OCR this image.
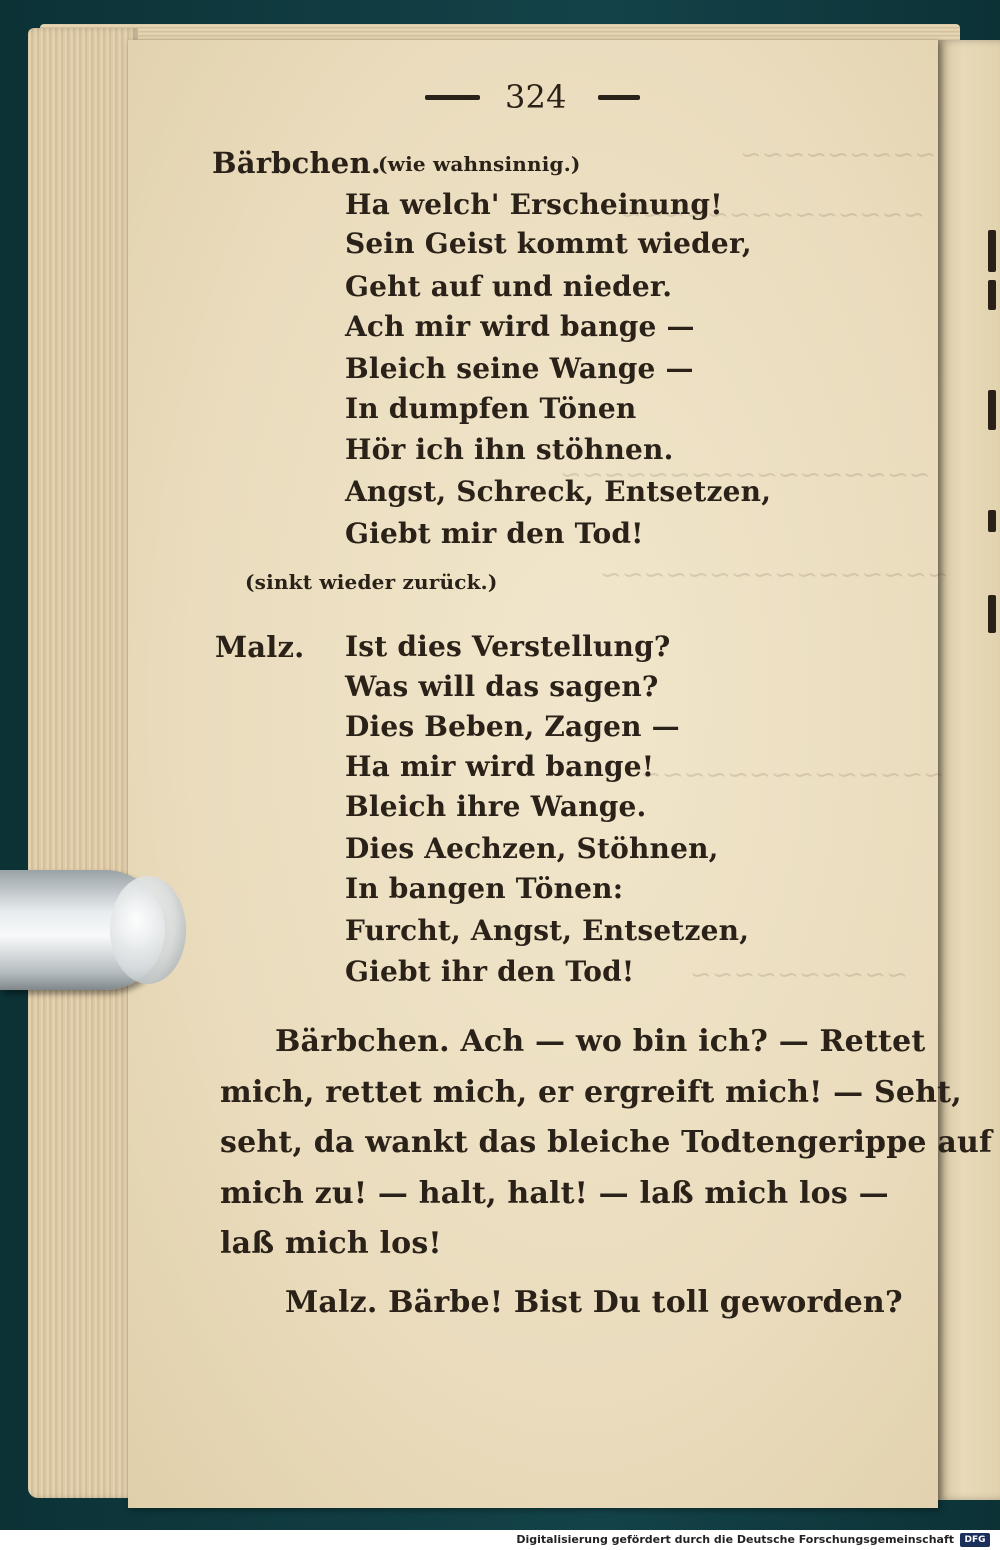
~~~~~~~~~
~~~~~~~~~~~~~~
~~~~~~~~~~~~~~~~~
~~~~~~~~~~~~~~~~
~~~~~~~~~~~~~~
~~~~~~~~~~
324
Bärbchen.
(wie wahnsinnig.)
Ha welch' Erscheinung!
Sein Geist kommt wieder,
Geht auf und nieder.
Ach mir wird bange —
Bleich seine Wange —
In dumpfen Tönen
Hör ich ihn stöhnen.
Angst, Schreck, Entsetzen,
Giebt mir den Tod!
(sinkt wieder zurück.)
Malz. Ist dies Verstellung?
Was will das sagen?
Dies Beben, Zagen —
Ha mir wird bange!
Bleich ihre Wange.
Dies Aechzen, Stöhnen,
In bangen Tönen:
Furcht, Angst, Entsetzen,
Giebt ihr den Tod!
Bärbchen. Ach — wo bin ich? — Rettet
mich, rettet mich, er ergreift mich! — Seht,
seht, da wankt das bleiche Todtengerippe auf
mich zu! — halt, halt! — laß mich los —
laß mich los!
Malz. Bärbe! Bist Du toll geworden?
Digitalisierung gefördert durch die Deutsche Forschungsgemeinschaft	DFG
